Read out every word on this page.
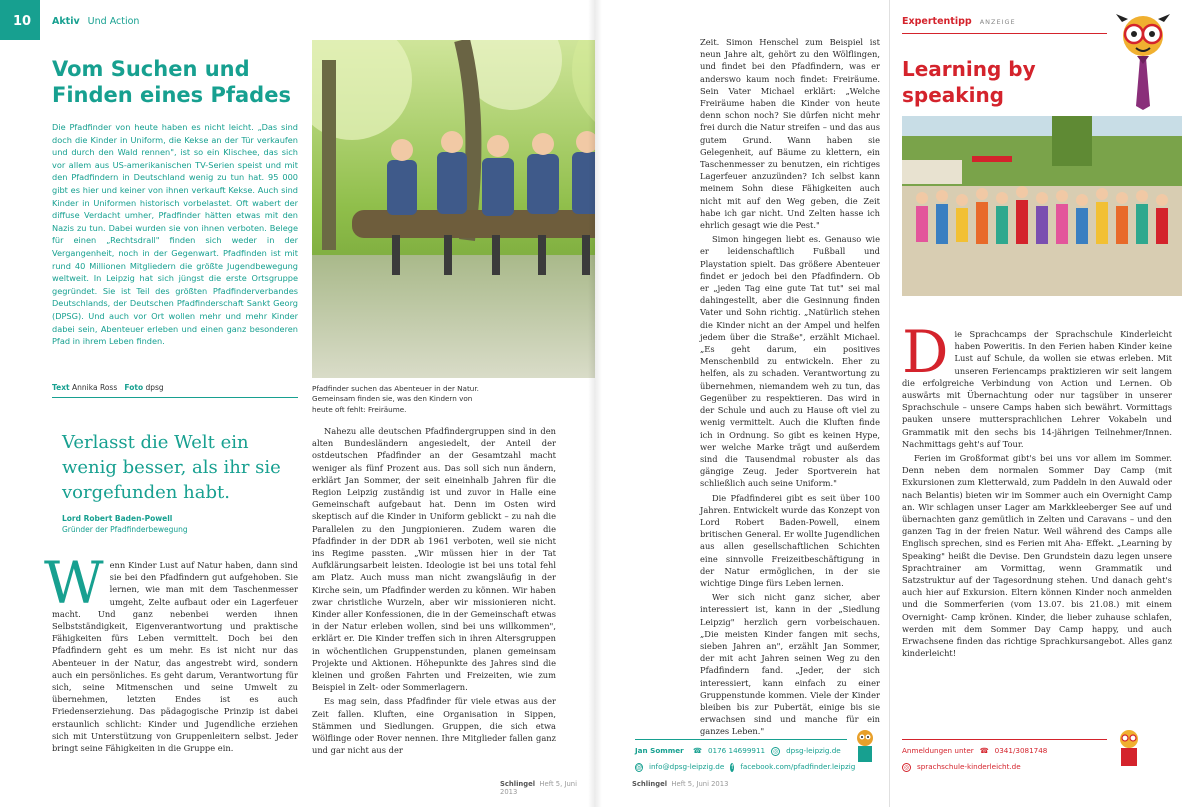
10	Aktiv Und Action
Vom Suchen und Finden eines Pfades
Die Pfadfinder von heute haben es nicht leicht. „Das sind doch die Kinder in Uniform, die Kekse an der Tür verkaufen und durch den Wald rennen", ist so ein Klischee, das sich vor allem aus US-amerikanischen TV-Serien speist und mit den Pfadfindern in Deutschland wenig zu tun hat. 95 000 gibt es hier und keiner von ihnen verkauft Kekse. Auch sind Kinder in Uniformen historisch vorbelastet. Oft wabert der diffuse Verdacht umher, Pfadfinder hätten etwas mit den Nazis zu tun. Dabei wurden sie von ihnen verboten. Belege für einen „Rechtsdrall" finden sich weder in der Vergangenheit, noch in der Gegenwart. Pfadfinden ist mit rund 40 Millionen Mitgliedern die größte Jugendbewegung weltweit. In Leipzig hat sich jüngst die erste Ortsgruppe gegründet. Sie ist Teil des größten Pfadfinderverbandes Deutschlands, der Deutschen Pfadfinderschaft Sankt Georg (DPSG). Und auch vor Ort wollen mehr und mehr Kinder dabei sein, Abenteuer erleben und einen ganz besonderen Pfad in ihrem Leben finden.
Text Annika Ross Foto dpsg
Verlasst die Welt ein wenig besser, als ihr sie vorgefunden habt.
Lord Robert Baden-Powell
Gründer der Pfadfinderbewegung
Wenn Kinder Lust auf Natur haben, dann sind sie bei den Pfadfindern gut aufgehoben. Sie lernen, wie man mit dem Taschenmesser umgeht, Zelte aufbaut oder ein Lagerfeuer macht. Und ganz nebenbei werden ihnen Selbstständigkeit, Eigenverantwortung und praktische Fähigkeiten fürs Leben vermittelt. Doch bei den Pfadfindern geht es um mehr. Es ist nicht nur das Abenteuer in der Natur, das angestrebt wird, sondern auch ein persönliches. Es geht darum, Verantwortung für sich, seine Mitmenschen und seine Umwelt zu übernehmen, letzten Endes ist es auch Friedenserziehung. Das pädagogische Prinzip ist dabei erstaunlich schlicht: Kinder und Jugendliche erziehen sich mit Unterstützung von Gruppenleitern selbst. Jeder bringt seine Fähigkeiten in die Gruppe ein.
Pfadfinder suchen das Abenteuer in der Natur. Gemeinsam finden sie, was den Kindern von heute oft fehlt: Freiräume.

Nahezu alle deutschen Pfadfindergruppen sind in den alten Bundesländern angesiedelt, der Anteil der ostdeutschen Pfadfinder an der Gesamtzahl macht weniger als fünf Prozent aus. Das soll sich nun ändern, erklärt Jan Sommer, der seit eineinhalb Jahren für die Region Leipzig zuständig ist und zuvor in Halle eine Gemeinschaft aufgebaut hat. Denn im Osten wird skeptisch auf die Kinder in Uniform geblickt – zu nah die Parallelen zu den Jungpionieren. Zudem waren die Pfadfinder in der DDR ab 1961 verboten, weil sie nicht ins Regime passten. „Wir müssen hier in der Tat Aufklärungsarbeit leisten. Ideologie ist bei uns total fehl am Platz. Auch muss man nicht zwangsläufig in der Kirche sein, um Pfadfinder werden zu können. Wir haben zwar christliche Wurzeln, aber wir missionieren nicht. Kinder aller Konfessionen, die in der Gemeinschaft etwas in der Natur erleben wollen, sind bei uns willkommen", erklärt er. Die Kinder treffen sich in ihren Altersgruppen in wöchentlichen Gruppenstunden, planen gemeinsam Projekte und Aktionen. Höhepunkte des Jahres sind die kleinen und großen Fahrten und Freizeiten, wie zum Beispiel in Zelt- oder Sommerlagern.

Es mag sein, dass Pfadfinder für viele etwas aus der Zeit fallen. Kluften, eine Organisation in Sippen, Stämmen und Siedlungen. Gruppen, die sich etwa Wölflinge oder Rover nennen. Ihre Mitglieder fallen ganz und gar nicht aus der

Schlingel Heft 5, Juni 2013

Zeit. Simon Henschel zum Beispiel ist neun Jahre alt, gehört zu den Wölflingen, und findet bei den Pfadfindern, was er anderswo kaum noch findet: Freiräume. Sein Vater Michael erklärt: „Welche Freiräume haben die Kinder von heute denn schon noch? Sie dürfen nicht mehr frei durch die Natur streifen – und das aus gutem Grund. Wann haben sie Gelegenheit, auf Bäume zu klettern, ein Taschenmesser zu benutzen, ein richtiges Lagerfeuer anzuzünden? Ich selbst kann meinem Sohn diese Fähigkeiten auch nicht mit auf den Weg geben, die Zeit habe ich gar nicht. Und Zelten hasse ich ehrlich gesagt wie die Pest."

Simon hingegen liebt es. Genauso wie er leidenschaftlich Fußball und Playstation spielt. Das größere Abenteuer findet er jedoch bei den Pfadfindern. Ob er „jeden Tag eine gute Tat tut" sei mal dahingestellt, aber die Gesinnung finden Vater und Sohn richtig. „Natürlich stehen die Kinder nicht an der Ampel und helfen jedem über die Straße", erzählt Michael. „Es geht darum, ein positives Menschenbild zu entwickeln. Eher zu helfen, als zu schaden. Verantwortung zu übernehmen, niemandem weh zu tun, das Gegenüber zu respektieren. Das wird in der Schule und auch zu Hause oft viel zu wenig vermittelt. Auch die Kluften finde ich in Ordnung. So gibt es keinen Hype, wer welche Marke trägt und außerdem sind die Tausendmal robuster als das gängige Zeug. Jeder Sportverein hat schließlich auch seine Uniform."

Die Pfadfinderei gibt es seit über 100 Jahren. Entwickelt wurde das Konzept von Lord Robert Baden-Powell, einem britischen General. Er wollte Jugendlichen aus allen gesellschaftlichen Schichten eine sinnvolle Freizeitbeschäftigung in der Natur ermöglichen, in der sie wichtige Dinge fürs Leben lernen.

Wer sich nicht ganz sicher, aber interessiert ist, kann in der „Siedlung Leipzig" herzlich gern vorbeischauen. „Die meisten Kinder fangen mit sechs, sieben Jahren an", erzählt Jan Sommer, der mit acht Jahren seinen Weg zu den Pfadfindern fand. „Jeder, der sich interessiert, kann einfach zu einer Gruppenstunde kommen. Viele der Kinder bleiben bis zur Pubertät, einige bis sie erwachsen sind und manche für ein ganzes Leben."

Jan Sommer	☎ 0176 14699911	◎ dpsg-leipzig.de
@ info@dpsg-leipzig.de f facebook.com/pfadfinder.leipzig
Schlingel Heft 5, Juni 2013
Expertentipp ANZEIGE
Learning by speaking

Die Sprachcamps der Sprachschule Kinderleicht haben Poweritis. In den Ferien haben Kinder keine Lust auf Schule, da wollen sie etwas erleben. Mit unseren Feriencamps praktizieren wir seit langem die erfolgreiche Verbindung von Action und Lernen. Ob auswärts mit Übernachtung oder nur tagsüber in unserer Sprachschule – unsere Camps haben sich bewährt. Vormittags pauken unsere muttersprachlichen Lehrer Vokabeln und Grammatik mit den sechs bis 14-jährigen Teilnehmer/Innen. Nachmittags geht's auf Tour.

Ferien im Großformat gibt's bei uns vor allem im Sommer. Denn neben dem normalen Sommer Day Camp (mit Exkursionen zum Kletterwald, zum Paddeln in den Auwald oder nach Belantis) bieten wir im Sommer auch ein Overnight Camp an. Wir schlagen unser Lager am Markkleeberger See auf und übernachten ganz gemütlich in Zelten und Caravans – und den ganzen Tag in der freien Natur. Weil während des Camps alle Englisch sprechen, sind es Ferien mit Aha- Effekt. „Learning by Speaking" heißt die Devise. Den Grundstein dazu legen unsere Sprachtrainer am Vormittag, wenn Grammatik und Satzstruktur auf der Tagesordnung stehen. Und danach geht's auch hier auf Exkursion. Eltern können Kinder noch anmelden und die Sommerferien (vom 13.07. bis 21.08.) mit einem Overnight- Camp krönen. Kinder, die lieber zuhause schlafen, werden mit dem Sommer Day Camp happy, und auch Erwachsene finden das richtige Sprachkursangebot. Alles ganz kinderleicht!

Anmeldungen unter ☎ 0341/3081748
◎ sprachschule-kinderleicht.de
